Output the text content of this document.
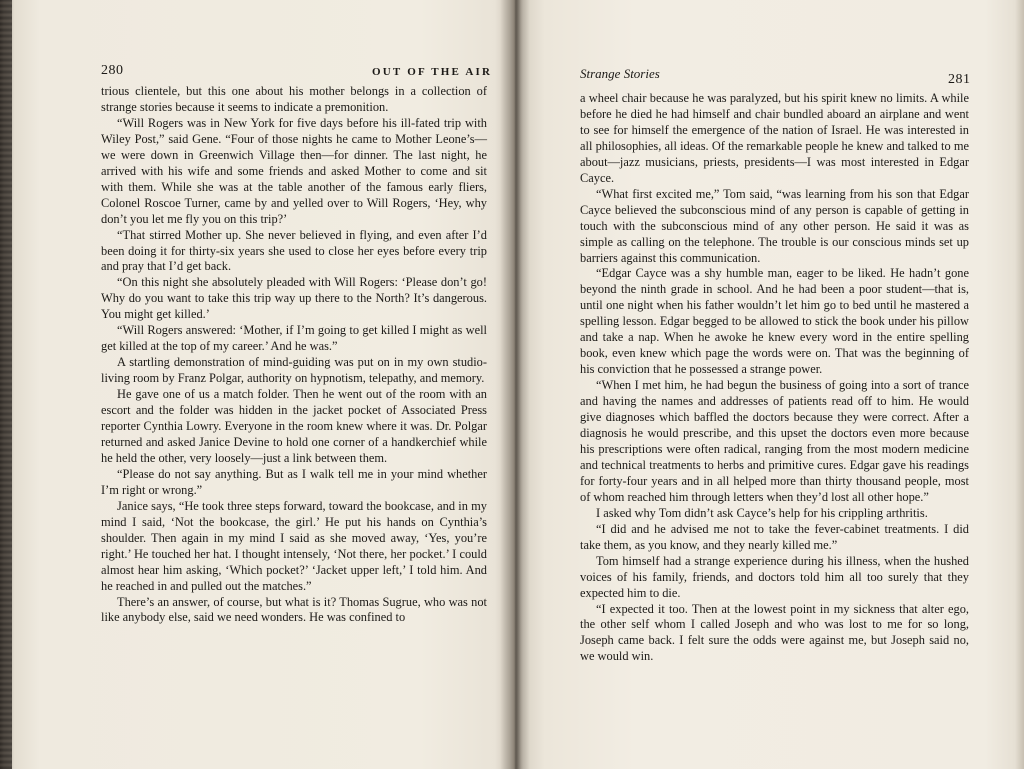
280	OUT OF THE AIR	Strange Stories	281

trious clientele, but this one about his mother belongs in a collection of strange stories because it seems to indicate a premonition.

“Will Rogers was in New York for five days before his ill-fated trip with Wiley Post,” said Gene. “Four of those nights he came to Mother Leone’s—we were down in Greenwich Village then—for dinner. The last night, he arrived with his wife and some friends and asked Mother to come and sit with them. While she was at the table another of the famous early fliers, Colonel Roscoe Turner, came by and yelled over to Will Rogers, ‘Hey, why don’t you let me fly you on this trip?’

“That stirred Mother up. She never believed in flying, and even after I’d been doing it for thirty-six years she used to close her eyes before every trip and pray that I’d get back.

“On this night she absolutely pleaded with Will Rogers: ‘Please don’t go! Why do you want to take this trip way up there to the North? It’s dangerous. You might get killed.’

“Will Rogers answered: ‘Mother, if I’m going to get killed I might as well get killed at the top of my career.’ And he was.”

A startling demonstration of mind-guiding was put on in my own studio-living room by Franz Polgar, authority on hypnotism, telepathy, and memory.

He gave one of us a match folder. Then he went out of the room with an escort and the folder was hidden in the jacket pocket of Associated Press reporter Cynthia Lowry. Everyone in the room knew where it was. Dr. Polgar returned and asked Janice Devine to hold one corner of a handkerchief while he held the other, very loosely—just a link between them.

“Please do not say anything. But as I walk tell me in your mind whether I’m right or wrong.”

Janice says, “He took three steps forward, toward the bookcase, and in my mind I said, ‘Not the bookcase, the girl.’ He put his hands on Cynthia’s shoulder. Then again in my mind I said as she moved away, ‘Yes, you’re right.’ He touched her hat. I thought intensely, ‘Not there, her pocket.’ I could almost hear him asking, ‘Which pocket?’ ‘Jacket upper left,’ I told him. And he reached in and pulled out the matches.”

There’s an answer, of course, but what is it? Thomas Sugrue, who was not like anybody else, said we need wonders. He was confined to

a wheel chair because he was paralyzed, but his spirit knew no limits. A while before he died he had himself and chair bundled aboard an airplane and went to see for himself the emergence of the nation of Israel. He was interested in all philosophies, all ideas. Of the remarkable people he knew and talked to me about—jazz musicians, priests, presidents—I was most interested in Edgar Cayce.

“What first excited me,” Tom said, “was learning from his son that Edgar Cayce believed the subconscious mind of any person is capable of getting in touch with the subconscious mind of any other person. He said it was as simple as calling on the telephone. The trouble is our conscious minds set up barriers against this communication.

“Edgar Cayce was a shy humble man, eager to be liked. He hadn’t gone beyond the ninth grade in school. And he had been a poor student—that is, until one night when his father wouldn’t let him go to bed until he mastered a spelling lesson. Edgar begged to be allowed to stick the book under his pillow and take a nap. When he awoke he knew every word in the entire spelling book, even knew which page the words were on. That was the beginning of his conviction that he possessed a strange power.

“When I met him, he had begun the business of going into a sort of trance and having the names and addresses of patients read off to him. He would give diagnoses which baffled the doctors because they were correct. After a diagnosis he would prescribe, and this upset the doctors even more because his prescriptions were often radical, ranging from the most modern medicine and technical treatments to herbs and primitive cures. Edgar gave his readings for forty-four years and in all helped more than thirty thousand people, most of whom reached him through letters when they’d lost all other hope.”

I asked why Tom didn’t ask Cayce’s help for his crippling arthritis.

“I did and he advised me not to take the fever-cabinet treatments. I did take them, as you know, and they nearly killed me.”

Tom himself had a strange experience during his illness, when the hushed voices of his family, friends, and doctors told him all too surely that they expected him to die.

“I expected it too. Then at the lowest point in my sickness that alter ego, the other self whom I called Joseph and who was lost to me for so long, Joseph came back. I felt sure the odds were against me, but Joseph said no, we would win.
